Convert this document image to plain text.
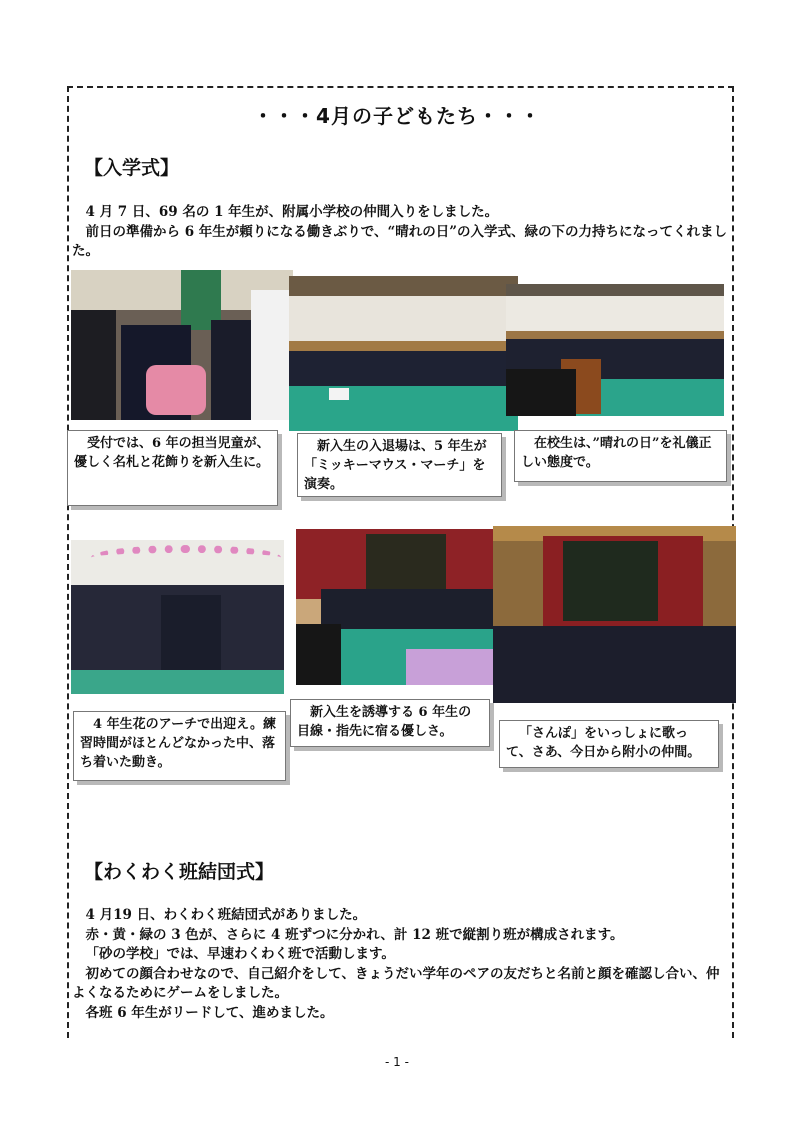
・・・4月の子どもたち・・・
【入学式】

4 月 7 日、69 名の 1 年生が、附属小学校の仲間入りをしました。

前日の準備から 6 年生が頼りになる働きぶりで、“晴れの日”の入学式、緑の下の力持ちになってくれました。

受付では、6 年の担当児童が、優しく名札と花飾りを新入生に。
新入生の入退場は、5 年生が「ミッキーマウス・マーチ」を演奏。
在校生は、”晴れの日”を礼儀正しい態度で。
4 年生花のアーチで出迎え。練習時間がほとんどなかった中、落ち着いた動き。
新入生を誘導する 6 年生の目線・指先に宿る優しさ。	「さんぽ」をいっしょに歌って、さあ、今日から附小の仲間。
【わくわく班結団式】

4 月19 日、わくわく班結団式がありました。

赤・黄・緑の 3 色が、さらに 4 班ずつに分かれ、計 12 班で縦割り班が構成されます。

「砂の学校」では、早速わくわく班で活動します。

初めての顔合わせなので、自己紹介をして、きょうだい学年のペアの友だちと名前と顔を確認し合い、仲よくなるためにゲームをしました。

各班 6 年生がリードして、進めました。

- 1 -
